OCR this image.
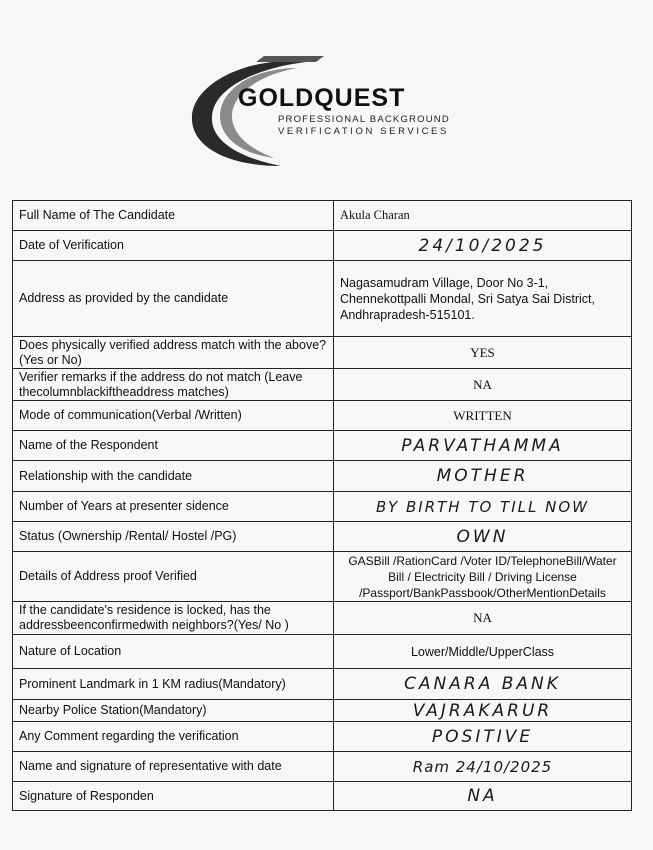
GOLDQUEST
PROFESSIONAL BACKGROUND
VERIFICATION SERVICES
Full Name of The Candidate	Akula Charan
Date of Verification	24/10/2025
Address as provided by the candidate	Nagasamudram Village, Door No 3-1, Chennekottpalli Mondal, Sri Satya Sai District, Andhrapradesh-515101.
Does physically verified address match with the above?(Yes or No)	YES
Verifier remarks if the address do not match (Leave thecolumnblackiftheaddress matches)	NA
Mode of communication(Verbal /Written)	WRITTEN
Name of the Respondent	PARVATHAMMA
Relationship with the candidate	MOTHER
Number of Years at presenter sidence	BY BIRTH TO TILL NOW
Status (Ownership /Rental/ Hostel /PG)	OWN
Details of Address proof Verified	GASBill /RationCard /Voter ID/TelephoneBill/Water Bill / Electricity Bill / Driving License /Passport/BankPassbook/OtherMentionDetails
If the candidate's residence is locked, has the addressbeenconfirmedwith neighbors?(Yes/ No )	NA
Nature of Location	Lower/Middle/UpperClass
Prominent Landmark in 1 KM radius(Mandatory)	CANARA BANK
Nearby Police Station(Mandatory)	VAJRAKARUR
Any Comment regarding the verification	POSITIVE
Name and signature of representative with date	Ram 24/10/2025
Signature of Responden	NA
